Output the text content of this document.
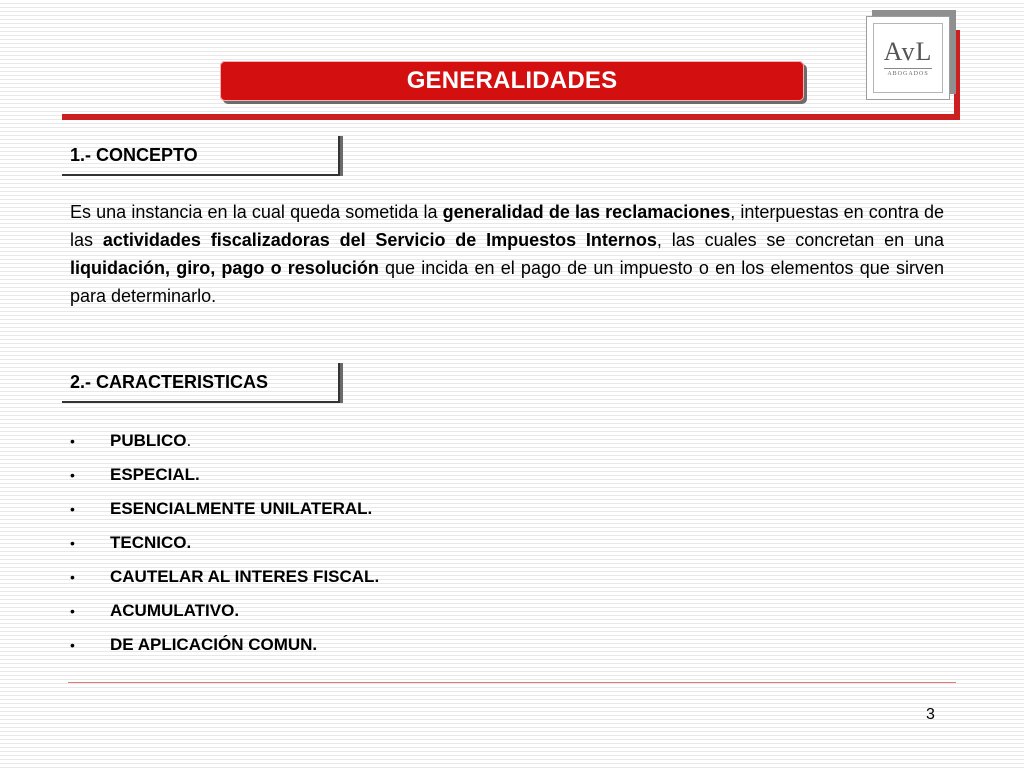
GENERALIDADES
AvL
ABOGADOS
1.- CONCEPTO
Es una instancia en la cual queda sometida la generalidad de las reclamaciones, interpuestas en contra de las actividades fiscalizadoras del Servicio de Impuestos Internos, las cuales se concretan en una liquidación, giro, pago o resolución que incida en el pago de un impuesto o en los elementos que sirven para determinarlo.
2.- CARACTERISTICAS
•	PUBLICO .
•	ESPECIAL.
•	ESENCIALMENTE UNILATERAL.
•	TECNICO.
•	CAUTELAR AL INTERES FISCAL.
•	ACUMULATIVO.
•	DE APLICACIÓN COMUN.
3
